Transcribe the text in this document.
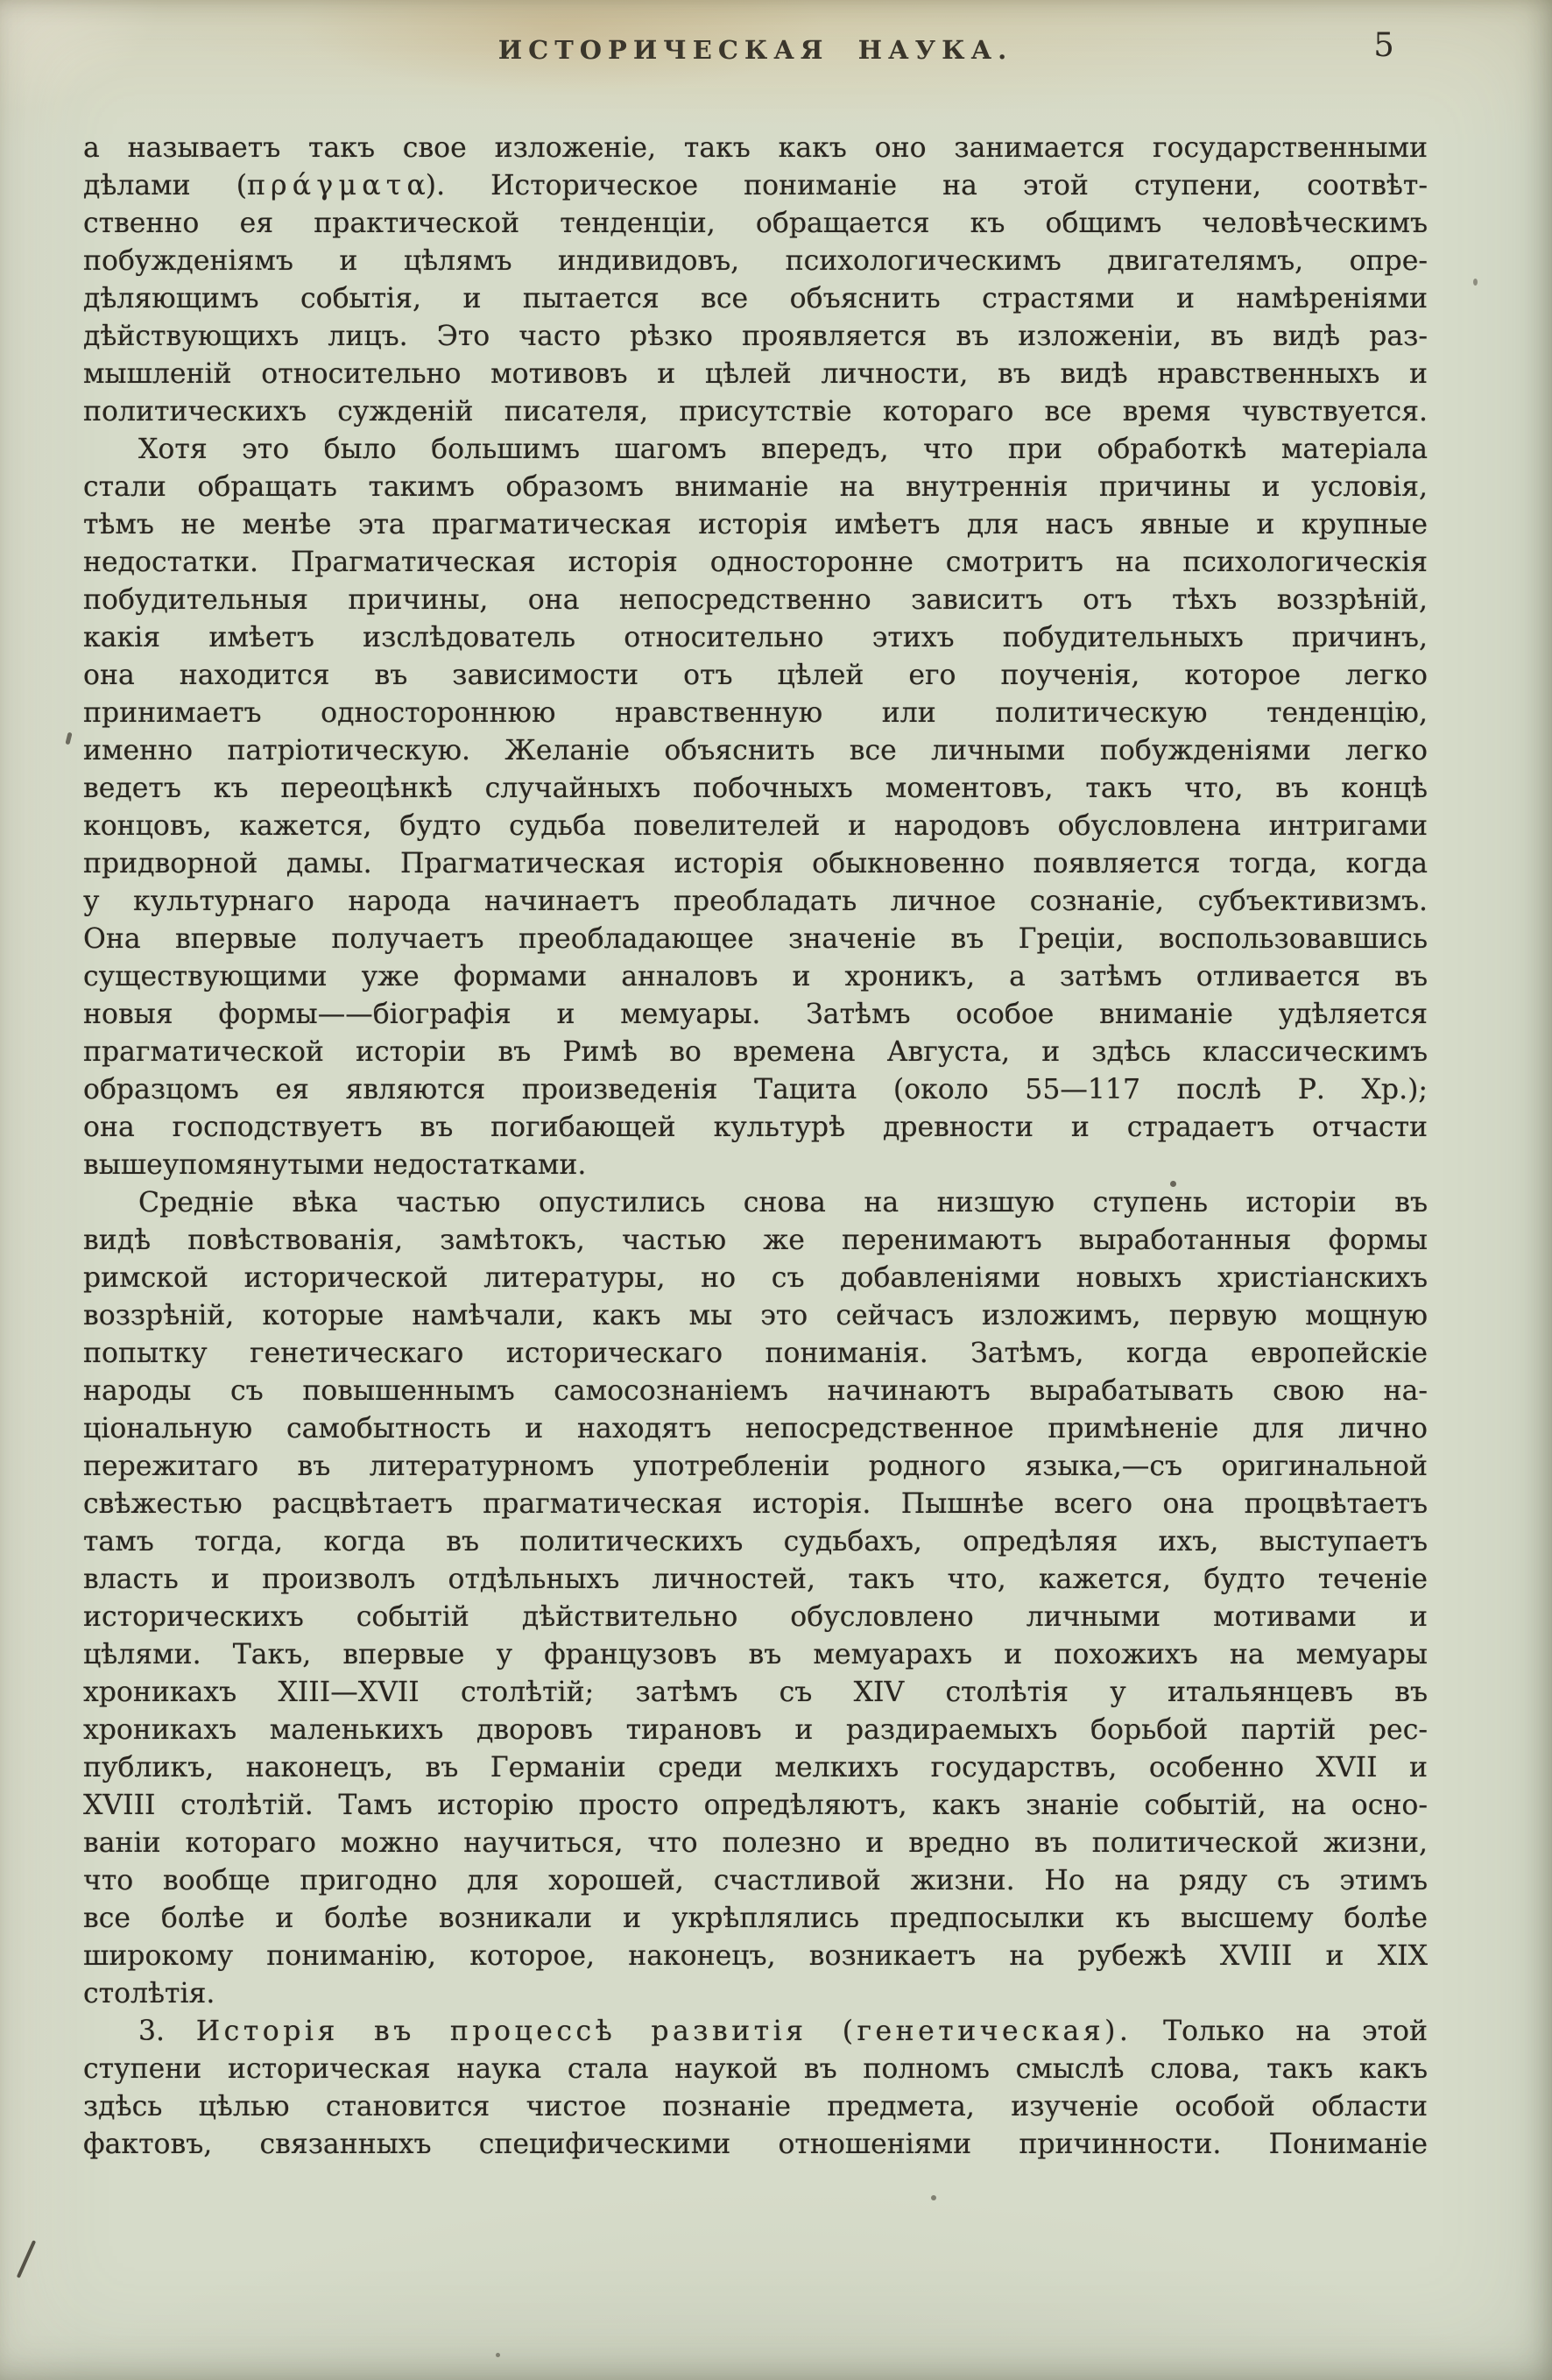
ИСТОРИЧЕСКАЯ НАУКА.	5
а называетъ такъ свое изложеніе, такъ какъ оно занимается государственными
дѣлами (π ρ ά γ μ α τ α). Историческое пониманіе на этой ступени, соотвѣт-
ственно ея практической тенденціи, обращается къ общимъ человѣческимъ
побужденіямъ и цѣлямъ индивидовъ, психологическимъ двигателямъ, опре-
дѣляющимъ событія, и пытается все объяснить страстями и намѣреніями
дѣйствующихъ лицъ. Это часто рѣзко проявляется въ изложеніи, въ видѣ раз-
мышленій относительно мотивовъ и цѣлей личности, въ видѣ нравственныхъ и
политическихъ сужденій писателя, присутствіе котораго все время чувствуется.
Хотя это было большимъ шагомъ впередъ, что при обработкѣ матеріала
стали обращать такимъ образомъ вниманіе на внутреннія причины и условія,
тѣмъ не менѣе эта прагматическая исторія имѣетъ для насъ явные и крупные
недостатки. Прагматическая исторія односторонне смотритъ на психологическія
побудительныя причины, она непосредственно зависитъ отъ тѣхъ воззрѣній,
какія имѣетъ изслѣдователь относительно этихъ побудительныхъ причинъ,
она находится въ зависимости отъ цѣлей его поученія, которое легко
принимаетъ одностороннюю нравственную или политическую тенденцію,
именно патріотическую. Желаніе объяснить все личными побужденіями легко
ведетъ къ переоцѣнкѣ случайныхъ побочныхъ моментовъ, такъ что, въ концѣ
концовъ, кажется, будто судьба повелителей и народовъ обусловлена интригами
придворной дамы. Прагматическая исторія обыкновенно появляется тогда, когда
у культурнаго народа начинаетъ преобладать личное сознаніе, субъективизмъ.
Она впервые получаетъ преобладающее значеніе въ Греціи, воспользовавшись
существующими уже формами анналовъ и хроникъ, а затѣмъ отливается въ
новыя формы——біографія и мемуары. Затѣмъ особое вниманіе удѣляется
прагматической исторіи въ Римѣ во времена Августа, и здѣсь классическимъ
образцомъ ея являются произведенія Тацита (около 55—117 послѣ Р. Хр.);
она господствуетъ въ погибающей культурѣ древности и страдаетъ отчасти
вышеупомянутыми недостатками.
Средніе вѣка частью опустились снова на низшую ступень исторіи въ
видѣ повѣствованія, замѣтокъ, частью же перенимаютъ выработанныя формы
римской исторической литературы, но съ добавленіями новыхъ христіанскихъ
воззрѣній, которые намѣчали, какъ мы это сейчасъ изложимъ, первую мощную
попытку генетическаго историческаго пониманія. Затѣмъ, когда европейскіе
народы съ повышеннымъ самосознаніемъ начинаютъ вырабатывать свою на-
ціональную самобытность и находятъ непосредственное примѣненіе для лично
пережитаго въ литературномъ употребленіи родного языка,—съ оригинальной
свѣжестью расцвѣтаетъ прагматическая исторія. Пышнѣе всего она процвѣтаетъ
тамъ тогда, когда въ политическихъ судьбахъ, опредѣляя ихъ, выступаетъ
власть и произволъ отдѣльныхъ личностей, такъ что, кажется, будто теченіе
историческихъ событій дѣйствительно обусловлено личными мотивами и
цѣлями. Такъ, впервые у французовъ въ мемуарахъ и похожихъ на мемуары
хроникахъ XIII—XVII столѣтій; затѣмъ съ XIV столѣтія у итальянцевъ въ
хроникахъ маленькихъ дворовъ тирановъ и раздираемыхъ борьбой партій рес-
публикъ, наконецъ, въ Германіи среди мелкихъ государствъ, особенно XVII и
XVIII столѣтій. Тамъ исторію просто опредѣляютъ, какъ знаніе событій, на осно-
ваніи котораго можно научиться, что полезно и вредно въ политической жизни,
что вообще пригодно для хорошей, счастливой жизни. Но на ряду съ этимъ
все болѣе и болѣе возникали и укрѣплялись предпосылки къ высшему болѣе
широкому пониманію, которое, наконецъ, возникаетъ на рубежѣ XVIII и XIX
столѣтія.
3. Исторія въ процессѣ развитія (генетическая). Только на этой
ступени историческая наука стала наукой въ полномъ смыслѣ слова, такъ какъ
здѣсь цѣлью становится чистое познаніе предмета, изученіе особой области
фактовъ, связанныхъ специфическими отношеніями причинности. Пониманіе
